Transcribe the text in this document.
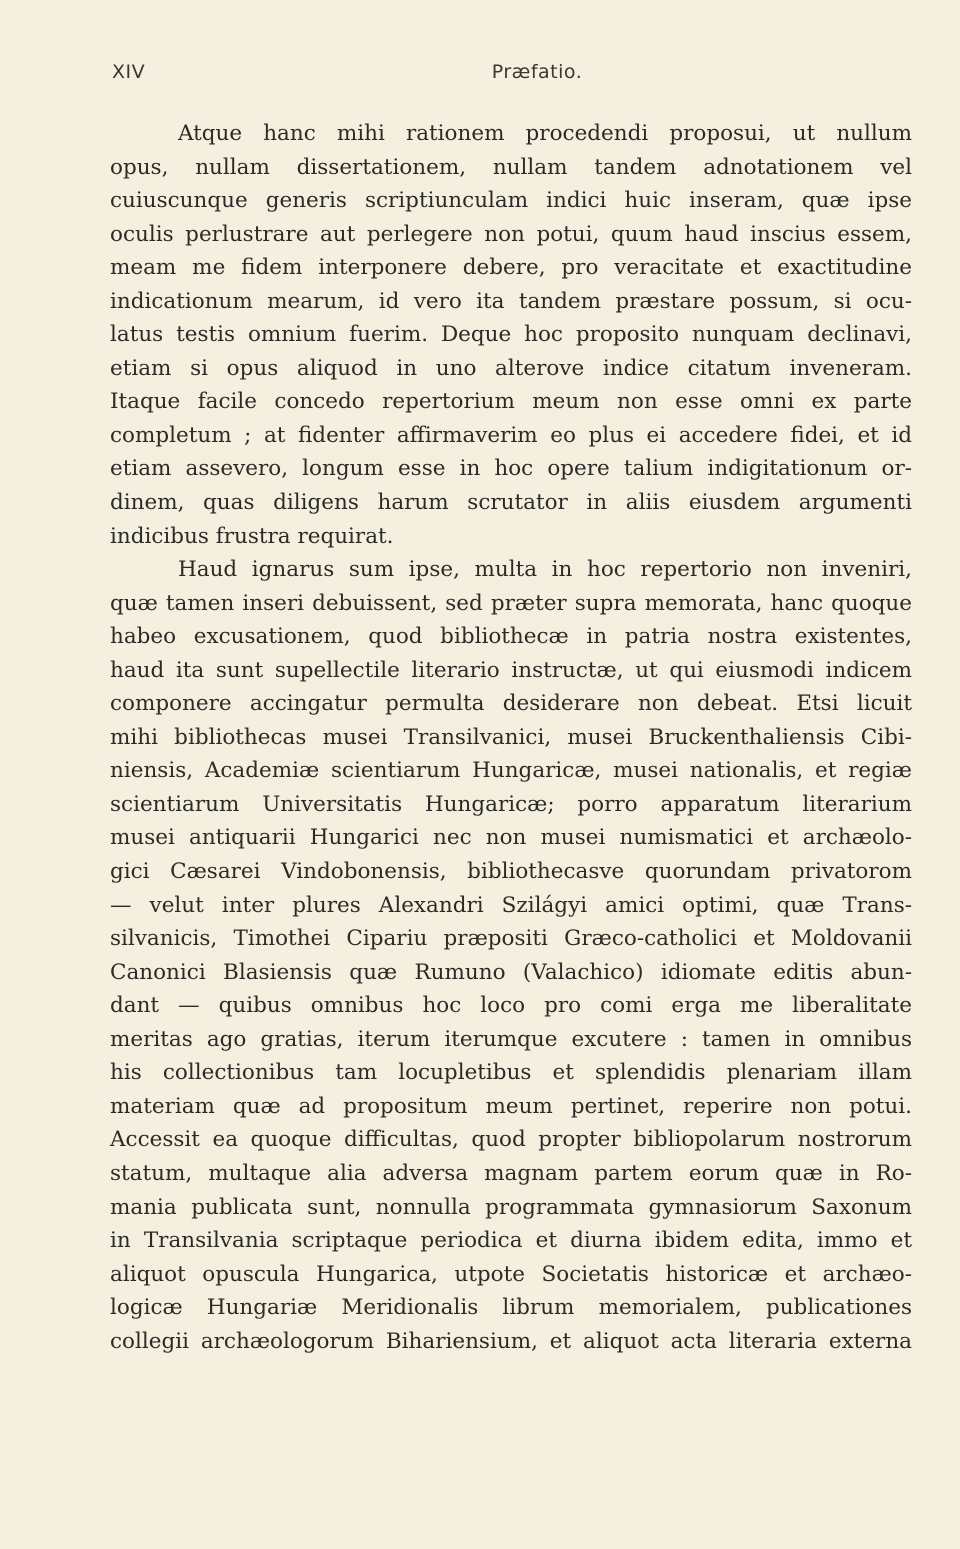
XIV	Præfatio.
Atque hanc mihi rationem procedendi proposui, ut nullum
opus, nullam dissertationem, nullam tandem adnotationem vel
cuiuscunque generis scriptiunculam indici huic inseram, quæ ipse
oculis perlustrare aut perlegere non potui, quum haud inscius essem,
meam me fidem interponere debere, pro veracitate et exactitudine
indicationum mearum, id vero ita tandem præstare possum, si ocu-
latus testis omnium fuerim. Deque hoc proposito nunquam declinavi,
etiam si opus aliquod in uno alterove indice citatum inveneram.
Itaque facile concedo repertorium meum non esse omni ex parte
completum ; at fidenter affirmaverim eo plus ei accedere fidei, et id
etiam assevero, longum esse in hoc opere talium indigitationum or-
dinem, quas diligens harum scrutator in aliis eiusdem argumenti
indicibus frustra requirat.
Haud ignarus sum ipse, multa in hoc repertorio non inveniri,
quæ tamen inseri debuissent, sed præter supra memorata, hanc quoque
habeo excusationem, quod bibliothecæ in patria nostra existentes,
haud ita sunt supellectile literario instructæ, ut qui eiusmodi indicem
componere accingatur permulta desiderare non debeat. Etsi licuit
mihi bibliothecas musei Transilvanici, musei Bruckenthaliensis Cibi-
niensis, Academiæ scientiarum Hungaricæ, musei nationalis, et regiæ
scientiarum Universitatis Hungaricæ; porro apparatum literarium
musei antiquarii Hungarici nec non musei numismatici et archæolo-
gici Cæsarei Vindobonensis, bibliothecasve quorundam privatorom
— velut inter plures Alexandri Szilágyi amici optimi, quæ Trans-
silvanicis, Timothei Cipariu præpositi Græco-catholici et Moldovanii
Canonici Blasiensis quæ Rumuno (Valachico) idiomate editis abun-
dant — quibus omnibus hoc loco pro comi erga me liberalitate
meritas ago gratias, iterum iterumque excutere : tamen in omnibus
his collectionibus tam locupletibus et splendidis plenariam illam
materiam quæ ad propositum meum pertinet, reperire non potui.
Accessit ea quoque difficultas, quod propter bibliopolarum nostrorum
statum, multaque alia adversa magnam partem eorum quæ in Ro-
mania publicata sunt, nonnulla programmata gymnasiorum Saxonum
in Transilvania scriptaque periodica et diurna ibidem edita, immo et
aliquot opuscula Hungarica, utpote Societatis historicæ et archæo-
logicæ Hungariæ Meridionalis librum memorialem, publicationes
collegii archæologorum Bihariensium, et aliquot acta literaria externa
